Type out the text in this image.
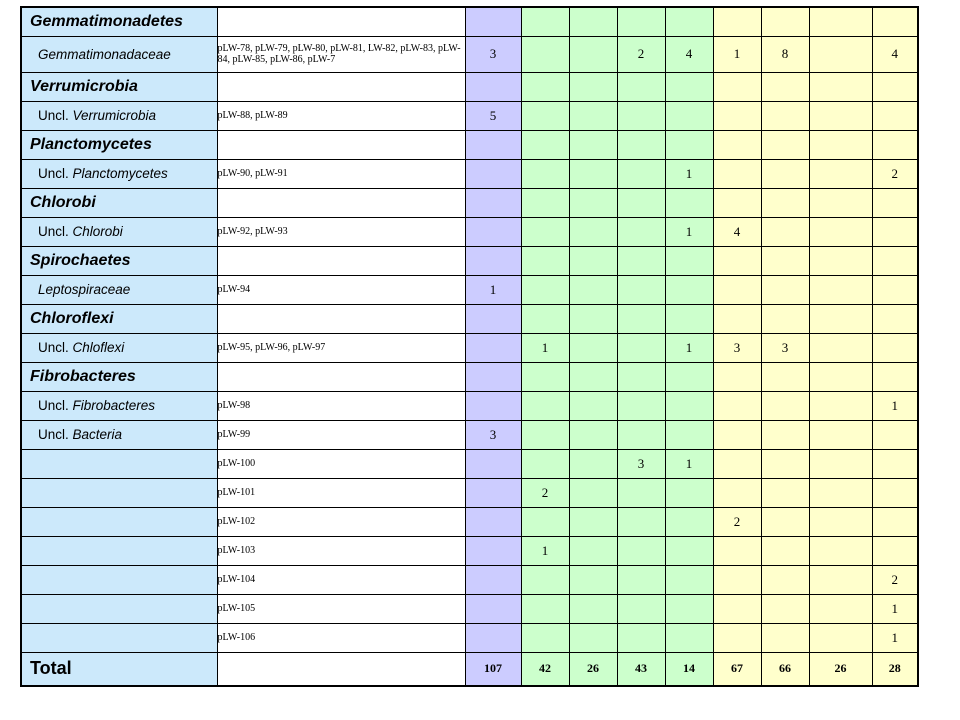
Gemmatimonadetes										

Gemmatimonadaceae	pLW-78, pLW-79, pLW-80, pLW-81, LW-82, pLW-83, pLW-84, pLW-85, pLW-86, pLW-7	3			2	4	1	8		4

Verrumicrobia										

Uncl. Verrumicrobia	pLW-88, pLW-89	5								

Planctomycetes										

Uncl. Planctomycetes	pLW-90, pLW-91					1				2

Chlorobi										

Uncl. Chlorobi	pLW-92, pLW-93					1	4			

Spirochaetes										

Leptospiraceae	pLW-94	1								

Chloroflexi										

Uncl. Chloflexi	pLW-95, pLW-96, pLW-97		1			1	3	3		

Fibrobacteres										

Uncl. Fibrobacteres	pLW-98									1

Uncl. Bacteria	pLW-99	3								
	pLW-100				3	1				
	pLW-101		2							
	pLW-102						2			
	pLW-103		1							
	pLW-104									2
	pLW-105									1
	pLW-106									1

Total		107	42	26	43	14	67	66	26	28
